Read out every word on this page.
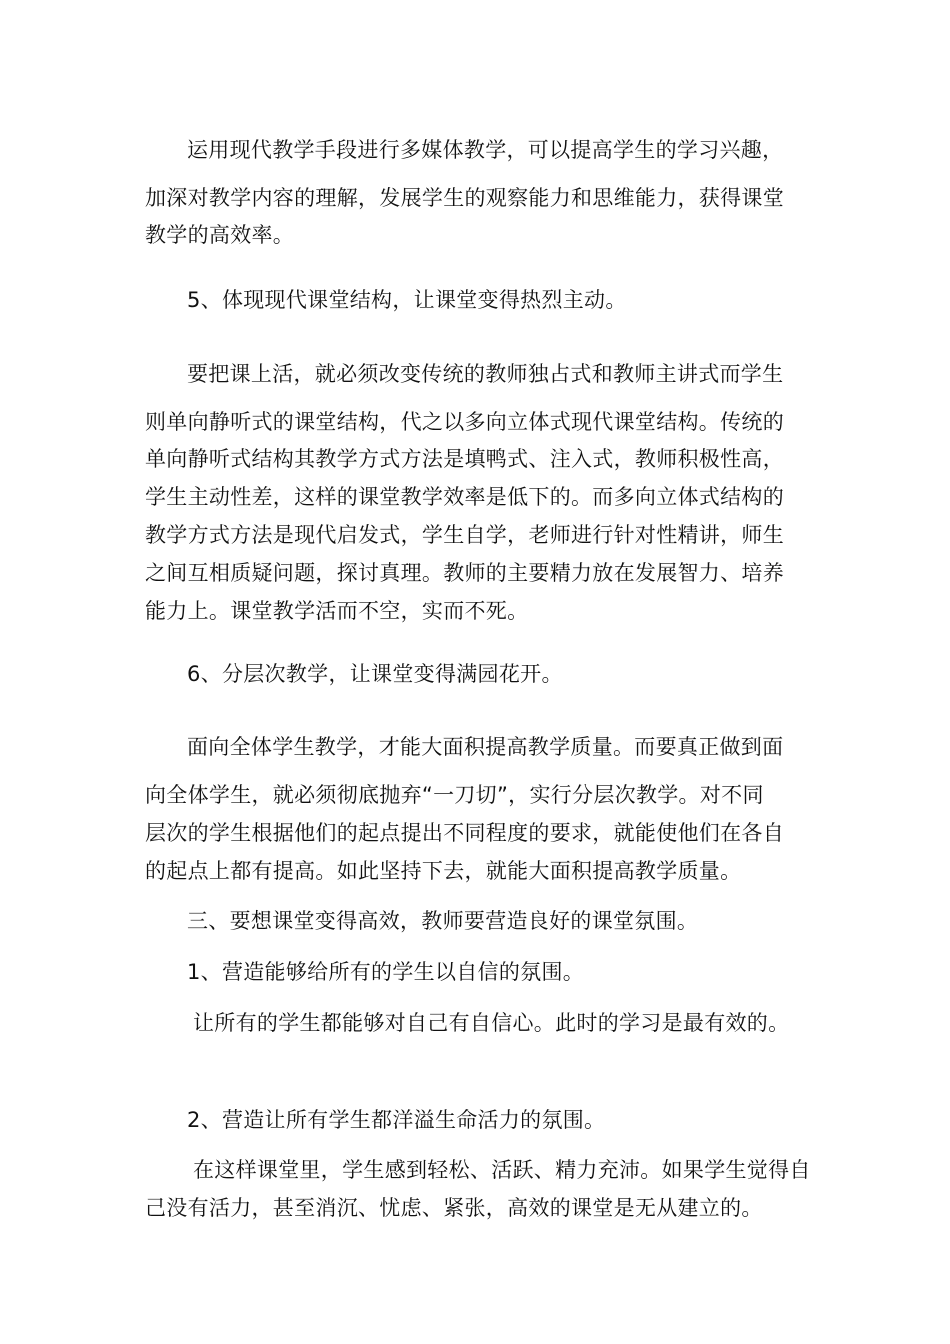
运用现代教学手段进行多媒体教学，可以提高学生的学习兴趣，
加深对教学内容的理解，发展学生的观察能力和思维能力，获得课堂
教学的高效率。
5、体现现代课堂结构，让课堂变得热烈主动。
要把课上活，就必须改变传统的教师独占式和教师主讲式而学生
则单向静听式的课堂结构，代之以多向立体式现代课堂结构。传统的
单向静听式结构其教学方式方法是填鸭式、注入式，教师积极性高，
学生主动性差，这样的课堂教学效率是低下的。而多向立体式结构的
教学方式方法是现代启发式，学生自学，老师进行针对性精讲，师生
之间互相质疑问题，探讨真理。教师的主要精力放在发展智力、培养
能力上。课堂教学活而不空，实而不死。
6、分层次教学，让课堂变得满园花开。
面向全体学生教学，才能大面积提高教学质量。而要真正做到面
向全体学生，就必须彻底抛弃“一刀切”，实行分层次教学。对不同
层次的学生根据他们的起点提出不同程度的要求，就能使他们在各自
的起点上都有提高。如此坚持下去，就能大面积提高教学质量。
三、要想课堂变得高效，教师要营造良好的课堂氛围。
1、营造能够给所有的学生以自信的氛围。
让所有的学生都能够对自己有自信心。此时的学习是最有效的。
2、营造让所有学生都洋溢生命活力的氛围。
在这样课堂里，学生感到轻松、活跃、精力充沛。如果学生觉得自
己没有活力，甚至消沉、忧虑、紧张，高效的课堂是无从建立的。
